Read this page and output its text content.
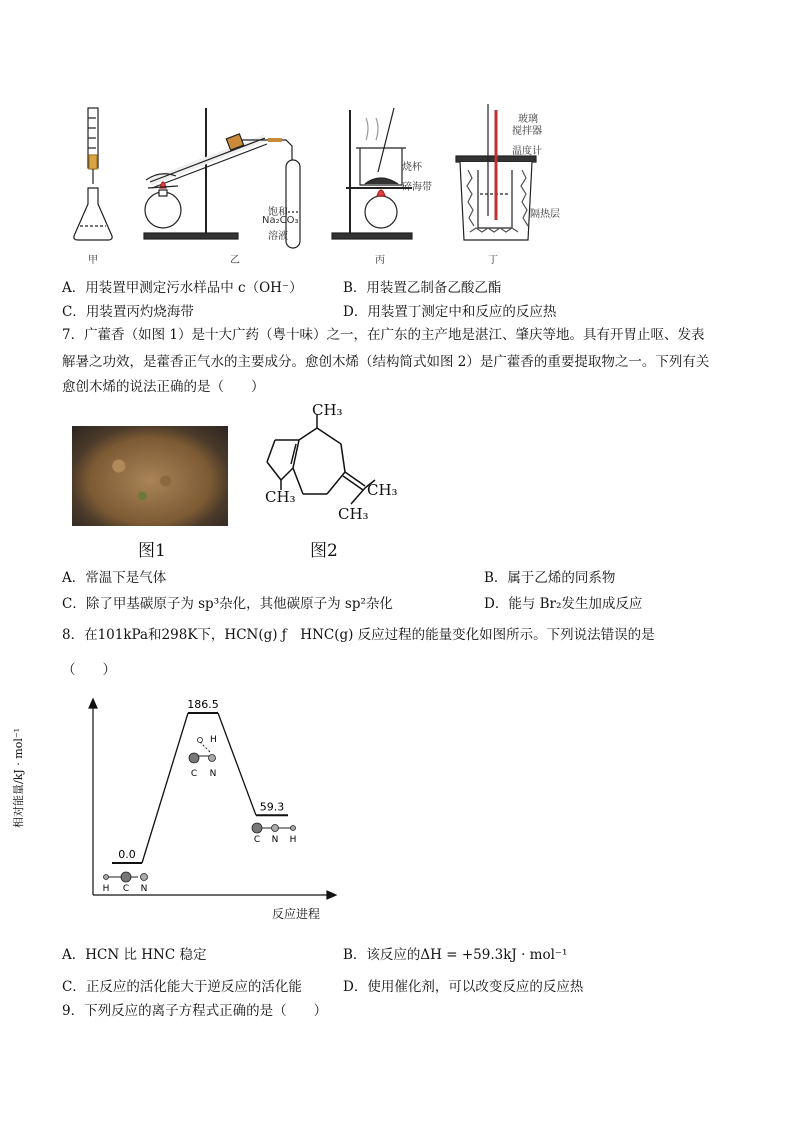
饱和
Na₂CO₃
溶液
烧杯
碎海带
玻璃
搅拌器
温度计
隔热层
甲	乙	丙	丁
A．用装置甲测定污水样品中 c（OH⁻）	B．用装置乙制备乙酸乙酯
C．用装置丙灼烧海带	D．用装置丁测定中和反应的反应热
7．广藿香（如图 1）是十大广药（粤十味）之一，在广东的主产地是湛江、肇庆等地。具有开胃止呕、发表
解暑之功效，是藿香正气水的主要成分。愈创木烯（结构简式如图 2）是广藿香的重要提取物之一。下列有关
愈创木烯的说法正确的是（　　）
CH₃
CH₃	CH₃
CH₃
图1	图2
A．常温下是气体	B．属于乙烯的同系物
C．除了甲基碳原子为 sp³杂化，其他碳原子为 sp²杂化	D．能与 Br₂发生加成反应
8．在101kPa和298K下，HCN(g) ƒ　HNC(g) 反应过程的能量变化如图所示。下列说法错误的是
（　　）
0.0
186.5
59.3
H C N
H
C N
C N H
相对能量/kJ · mol⁻¹
反应进程
A．HCN 比 HNC 稳定	B．该反应的ΔH = +59.3kJ · mol⁻¹
C．正反应的活化能大于逆反应的活化能	D．使用催化剂，可以改变反应的反应热
9．下列反应的离子方程式正确的是（　　）
